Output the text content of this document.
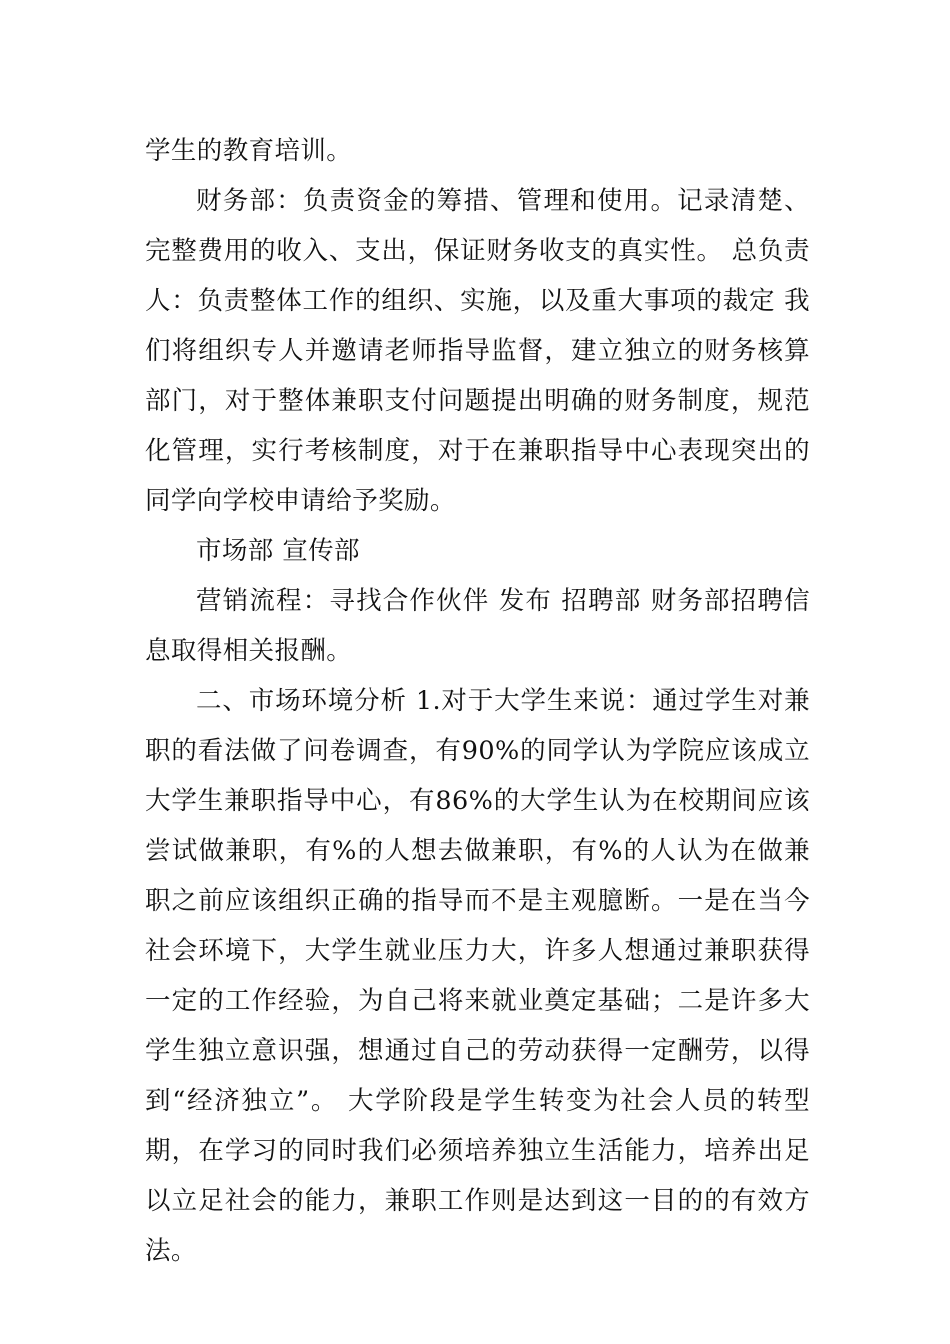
学生的教育培训。

财务部：负责资金的筹措、管理和使用。记录清楚、完整费用的收入、支出，保证财务收支的真实性。 总负责人：负责整体工作的组织、实施，以及重大事项的裁定 我们将组织专人并邀请老师指导监督，建立独立的财务核算部门，对于整体兼职支付问题提出明确的财务制度，规范化管理，实行考核制度，对于在兼职指导中心表现突出的同学向学校申请给予奖励。

市场部 宣传部

营销流程：寻找合作伙伴 发布 招聘部 财务部招聘信息取得相关报酬。

二、市场环境分析 1.对于大学生来说：通过学生对兼职的看法做了问卷调查，有90%的同学认为学院应该成立大学生兼职指导中心，有86%的大学生认为在校期间应该尝试做兼职，有%的人想去做兼职，有%的人认为在做兼职之前应该组织正确的指导而不是主观臆断。一是在当今社会环境下，大学生就业压力大，许多人想通过兼职获得一定的工作经验，为自己将来就业奠定基础；二是许多大学生独立意识强，想通过自己的劳动获得一定酬劳，以得到“经济独立”。 大学阶段是学生转变为社会人员的转型期，在学习的同时我们必须培养独立生活能力，培养出足以立足社会的能力，兼职工作则是达到这一目的的有效方法。
